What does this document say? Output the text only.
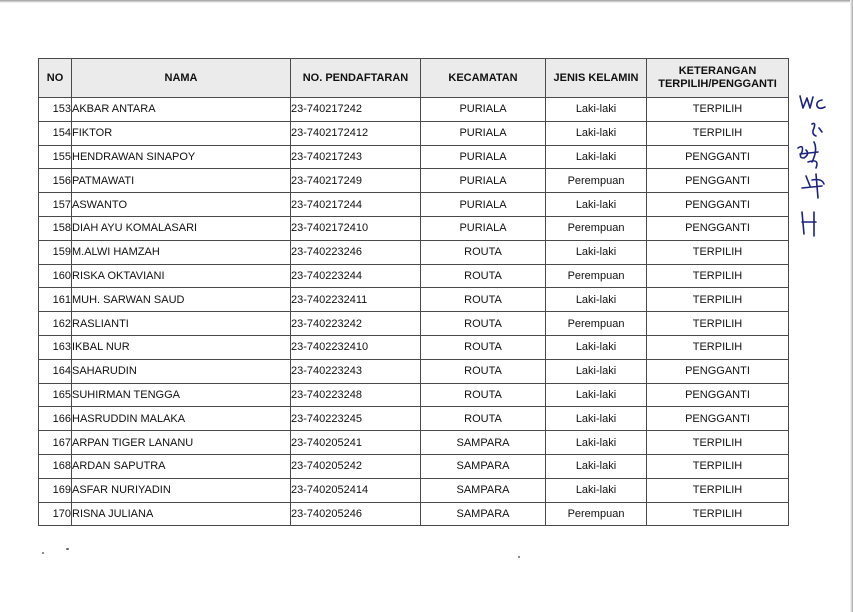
NO	NAMA	NO. PENDAFTARAN	KECAMATAN	JENIS KELAMIN	KETERANGAN
TERPILIH/PENGGANTI
153	AKBAR ANTARA	23-740217242	PURIALA	Laki-laki	TERPILIH
154	FIKTOR	23-7402172412	PURIALA	Laki-laki	TERPILIH
155	HENDRAWAN SINAPOY	23-740217243	PURIALA	Laki-laki	PENGGANTI
156	PATMAWATI	23-740217249	PURIALA	Perempuan	PENGGANTI
157	ASWANTO	23-740217244	PURIALA	Laki-laki	PENGGANTI
158	DIAH AYU KOMALASARI	23-7402172410	PURIALA	Perempuan	PENGGANTI
159	M.ALWI HAMZAH	23-740223246	ROUTA	Laki-laki	TERPILIH
160	RISKA OKTAVIANI	23-740223244	ROUTA	Perempuan	TERPILIH
161	MUH. SARWAN SAUD	23-7402232411	ROUTA	Laki-laki	TERPILIH
162	RASLIANTI	23-740223242	ROUTA	Perempuan	TERPILIH
163	IKBAL NUR	23-7402232410	ROUTA	Laki-laki	TERPILIH
164	SAHARUDIN	23-740223243	ROUTA	Laki-laki	PENGGANTI
165	SUHIRMAN TENGGA	23-740223248	ROUTA	Laki-laki	PENGGANTI
166	HASRUDDIN MALAKA	23-740223245	ROUTA	Laki-laki	PENGGANTI
167	ARPAN TIGER LANANU	23-740205241	SAMPARA	Laki-laki	TERPILIH
168	ARDAN SAPUTRA	23-740205242	SAMPARA	Laki-laki	TERPILIH
169	ASFAR NURIYADIN	23-7402052414	SAMPARA	Laki-laki	TERPILIH
170	RISNA JULIANA	23-740205246	SAMPARA	Perempuan	TERPILIH
